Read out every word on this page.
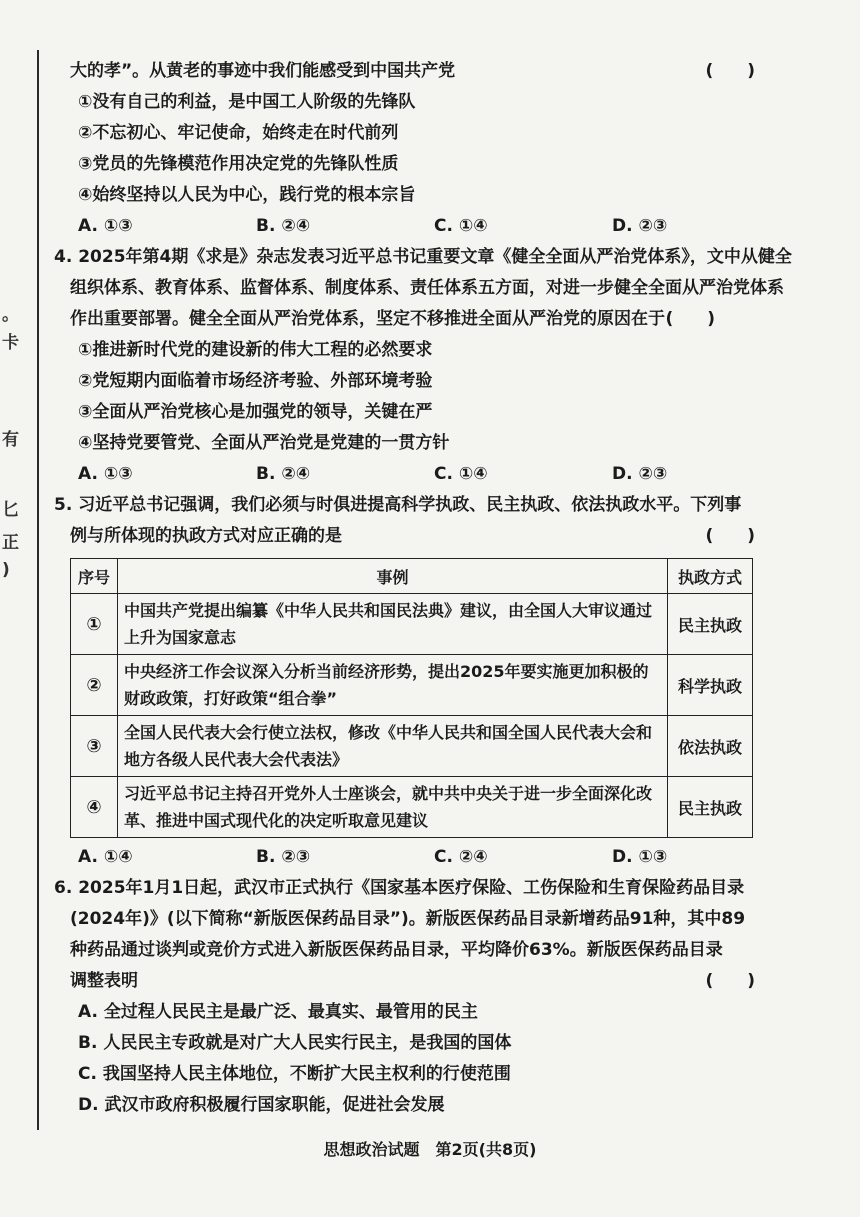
。
卡
有
匕
正
)
大的孝”。从黄老的事迹中我们能感受到中国共产党	(　　)
①没有自己的利益，是中国工人阶级的先锋队
②不忘初心、牢记使命，始终走在时代前列
③党员的先锋模范作用决定党的先锋队性质
④始终坚持以人民为中心，践行党的根本宗旨
A. ①③	B. ②④	C. ①④	D. ②③
4. 2025年第4期《求是》杂志发表习近平总书记重要文章《健全全面从严治党体系》，文中从健全
组织体系、教育体系、监督体系、制度体系、责任体系五方面，对进一步健全全面从严治党体系
作出重要部署。健全全面从严治党体系，坚定不移推进全面从严治党的原因在于 (　　)
①推进新时代党的建设新的伟大工程的必然要求
②党短期内面临着市场经济考验、外部环境考验
③全面从严治党核心是加强党的领导，关键在严
④坚持党要管党、全面从严治党是党建的一贯方针
A. ①③	B. ②④	C. ①④	D. ②③
5. 习近平总书记强调，我们必须与时俱进提高科学执政、民主执政、依法执政水平。下列事
例与所体现的执政方式对应正确的是	(　　)
序号	事例	执政方式
①	中国共产党提出编纂《中华人民共和国民法典》建议，由全国人大审议通过上升为国家意志	民主执政
②	中央经济工作会议深入分析当前经济形势，提出2025年要实施更加积极的财政政策，打好政策“组合拳”	科学执政
③	全国人民代表大会行使立法权，修改《中华人民共和国全国人民代表大会和地方各级人民代表大会代表法》	依法执政
④	习近平总书记主持召开党外人士座谈会，就中共中央关于进一步全面深化改革、推进中国式现代化的决定听取意见建议	民主执政
A. ①④	B. ②③	C. ②④	D. ①③
6. 2025年1月1日起，武汉市正式执行《国家基本医疗保险、工伤保险和生育保险药品目录
(2024年)》(以下简称“新版医保药品目录”)。新版医保药品目录新增药品91种，其中89
种药品通过谈判或竞价方式进入新版医保药品目录，平均降价63%。新版医保药品目录
调整表明	(　　)
A. 全过程人民民主是最广泛、最真实、最管用的民主
B. 人民民主专政就是对广大人民实行民主，是我国的国体
C. 我国坚持人民主体地位，不断扩大民主权利的行使范围
D. 武汉市政府积极履行国家职能，促进社会发展
思想政治试题　第2页(共8页)
